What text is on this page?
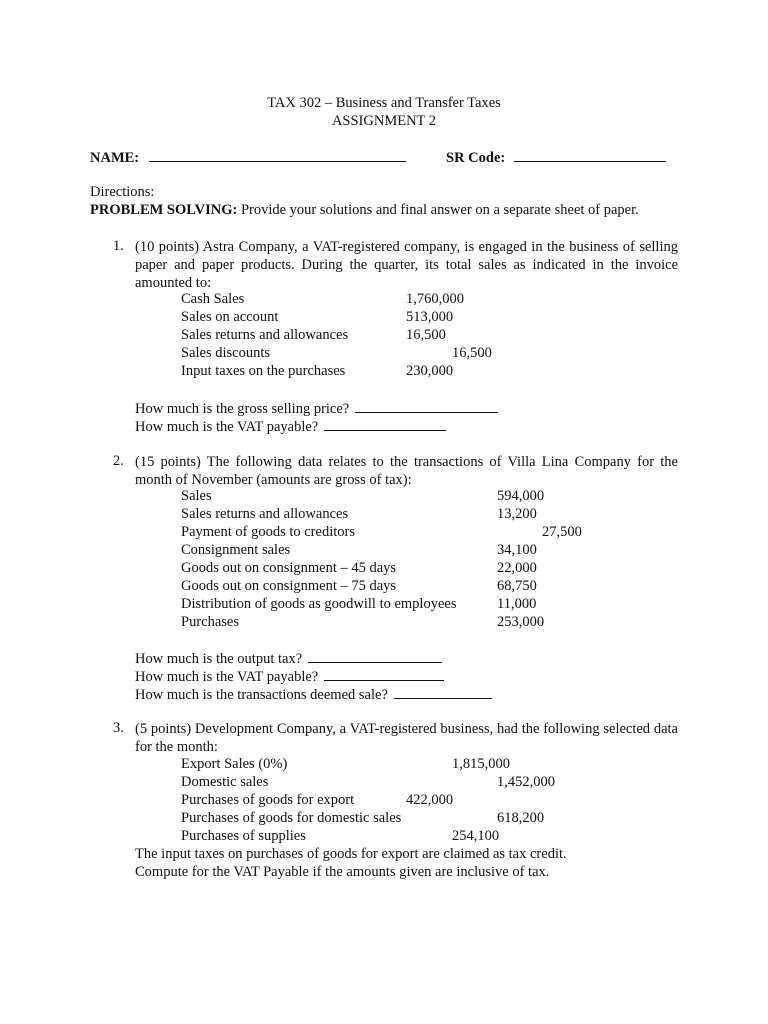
TAX 302 – Business and Transfer Taxes
ASSIGNMENT 2
NAME:	SR Code:
Directions:
PROBLEM SOLVING: Provide your solutions and final answer on a separate sheet of paper.
1. (10 points) Astra Company, a VAT-registered company, is engaged in the business of selling paper and paper products. During the quarter, its total sales as indicated in the invoice amounted to:
Cash Sales	1,760,000
Sales on account	513,000
Sales returns and allowances	16,500
Sales discounts	16,500
Input taxes on the purchases	230,000
How much is the gross selling price?
How much is the VAT payable?
2. (15 points) The following data relates to the transactions of Villa Lina Company for the month of November (amounts are gross of tax):
Sales	594,000
Sales returns and allowances	13,200
Payment of goods to creditors	27,500
Consignment sales	34,100
Goods out on consignment – 45 days	22,000
Goods out on consignment – 75 days	68,750
Distribution of goods as goodwill to employees	11,000
Purchases	253,000
How much is the output tax?
How much is the VAT payable?
How much is the transactions deemed sale?
3. (5 points) Development Company, a VAT-registered business, had the following selected data for the month:
Export Sales (0%)	1,815,000
Domestic sales	1,452,000
Purchases of goods for export	422,000
Purchases of goods for domestic sales	618,200
Purchases of supplies	254,100
The input taxes on purchases of goods for export are claimed as tax credit.
Compute for the VAT Payable if the amounts given are inclusive of tax.
